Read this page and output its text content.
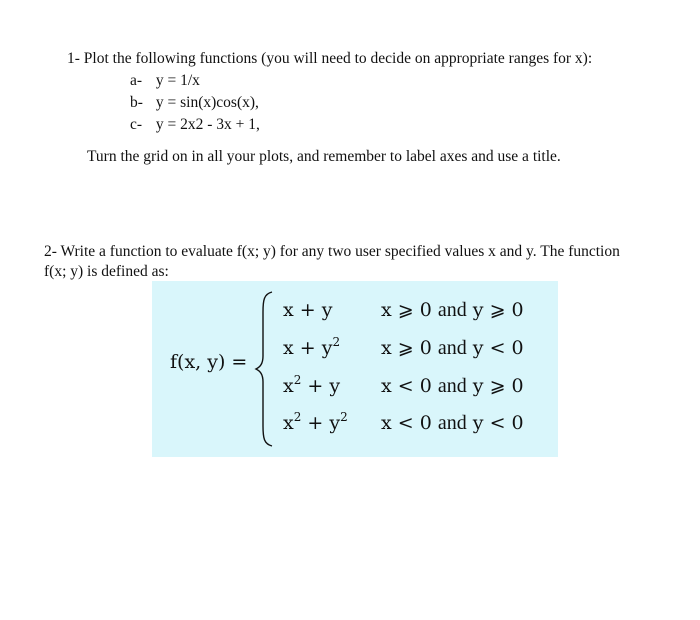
1- Plot the following functions (you will need to decide on appropriate ranges for x):
a- y = 1/x
b- y = sin(x)cos(x),
c- y = 2x2 - 3x + 1,
Turn the grid on in all your plots, and remember to label axes and use a title.
2- Write a function to evaluate f(x; y) for any two user specified values x and y. The function
f(x; y) is defined as:
f(x, y) =
x + y	x ⩾ 0 and y ⩾ 0
$x + y^2$ x ⩾ 0 and y < 0
$x^2 + y$ x < 0 and y ⩾ 0
$x^2 + y^2$ x < 0 and y < 0
